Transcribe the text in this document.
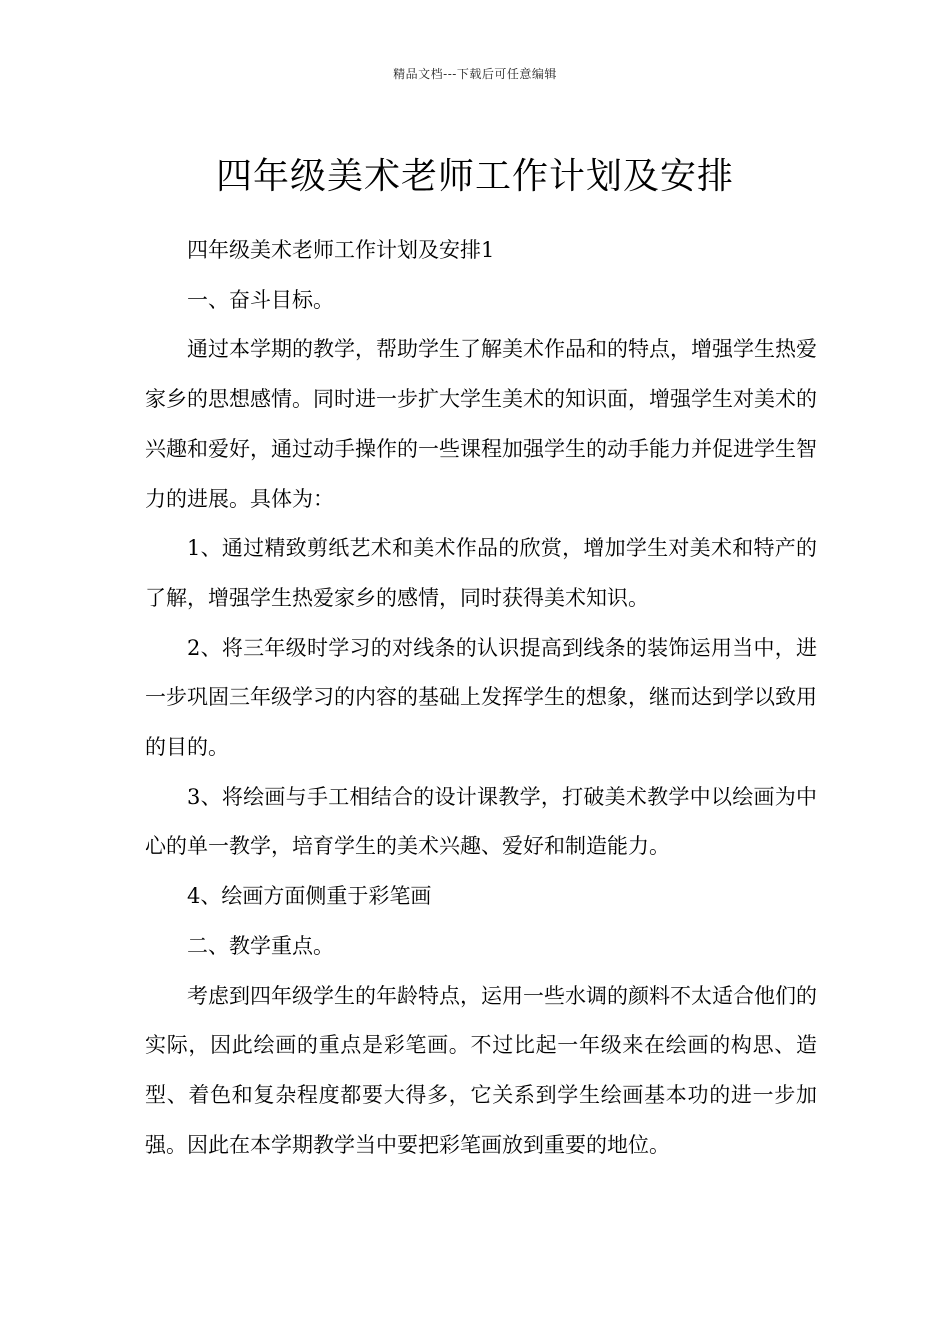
精品文档---下载后可任意编辑
四年级美术老师工作计划及安排

四年级美术老师工作计划及安排1

一、奋斗目标。

通过本学期的教学，帮助学生了解美术作品和的特点，增强学生热爱家乡的思想感情。同时进一步扩大学生美术的知识面，增强学生对美术的兴趣和爱好，通过动手操作的一些课程加强学生的动手能力并促进学生智力的进展。具体为：

1、通过精致剪纸艺术和美术作品的欣赏，增加学生对美术和特产的了解，增强学生热爱家乡的感情，同时获得美术知识。

2、将三年级时学习的对线条的认识提高到线条的装饰运用当中，进一步巩固三年级学习的内容的基础上发挥学生的想象，继而达到学以致用的目的。

3、将绘画与手工相结合的设计课教学，打破美术教学中以绘画为中心的单一教学，培育学生的美术兴趣、爱好和制造能力。

4、绘画方面侧重于彩笔画

二、教学重点。

考虑到四年级学生的年龄特点，运用一些水调的颜料不太适合他们的实际，因此绘画的重点是彩笔画。不过比起一年级来在绘画的构思、造型、着色和复杂程度都要大得多，它关系到学生绘画基本功的进一步加强。因此在本学期教学当中要把彩笔画放到重要的地位。
